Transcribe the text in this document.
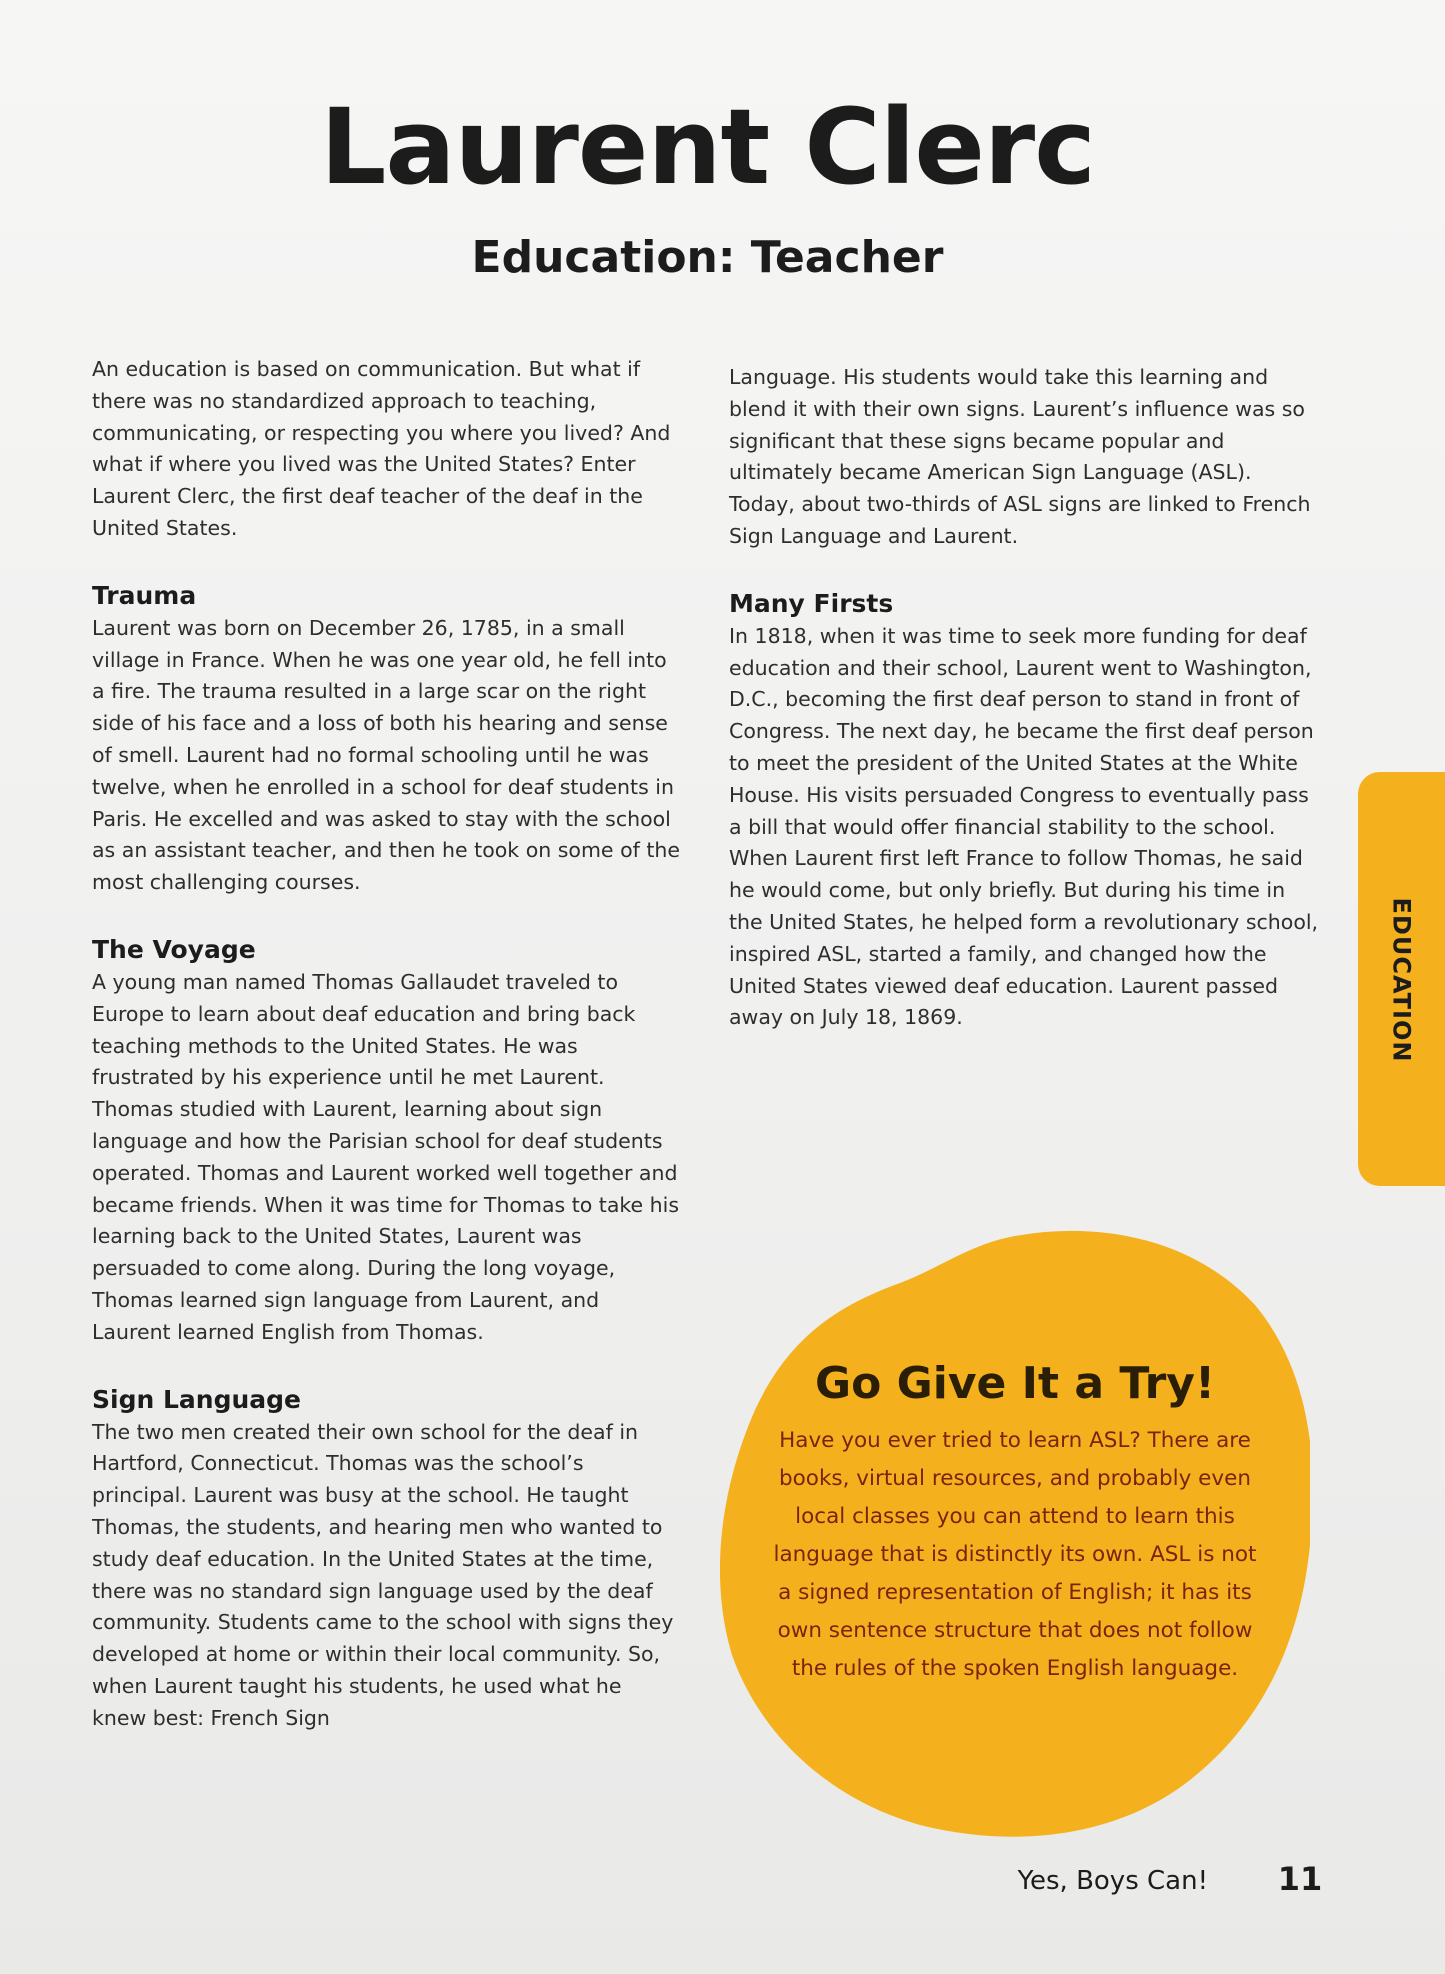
Laurent Clerc
Education: Teacher

An education is based on communication. But what if there was no standardized approach to teaching, communicating, or respecting you where you lived? And what if where you lived was the United States? Enter Laurent Clerc, the first deaf teacher of the deaf in the United States.

Trauma

Laurent was born on December 26, 1785, in a small village in France. When he was one year old, he fell into a fire. The trauma resulted in a large scar on the right side of his face and a loss of both his hearing and sense of smell. Laurent had no formal schooling until he was twelve, when he enrolled in a school for deaf students in Paris. He excelled and was asked to stay with the school as an assistant teacher, and then he took on some of the most challenging courses.

The Voyage

A young man named Thomas Gallaudet traveled to Europe to learn about deaf education and bring back teaching methods to the United States. He was frustrated by his experience until he met Laurent. Thomas studied with Laurent, learning about sign language and how the Parisian school for deaf students operated. Thomas and Laurent worked well together and became friends. When it was time for Thomas to take his learning back to the United States, Laurent was persuaded to come along. During the long voyage, Thomas learned sign language from Laurent, and Laurent learned English from Thomas.

Sign Language

The two men created their own school for the deaf in Hartford, Connecticut. Thomas was the school’s principal. Laurent was busy at the school. He taught Thomas, the students, and hearing men who wanted to study deaf education. In the United States at the time, there was no standard sign language used by the deaf community. Students came to the school with signs they developed at home or within their local community. So, when Laurent taught his students, he used what he knew best: French Sign

Language. His students would take this learning and blend it with their own signs. Laurent’s influence was so significant that these signs became popular and ultimately became American Sign Language (ASL). Today, about two-thirds of ASL signs are linked to French Sign Language and Laurent.

Many Firsts

In 1818, when it was time to seek more funding for deaf education and their school, Laurent went to Washington, D.C., becoming the first deaf person to stand in front of Congress. The next day, he became the first deaf person to meet the president of the United States at the White House. His visits persuaded Congress to eventually pass a bill that would offer financial stability to the school. When Laurent first left France to follow Thomas, he said he would come, but only briefly. But during his time in the United States, he helped form a revolutionary school, inspired ASL, started a family, and changed how the United States viewed deaf education. Laurent passed away on July 18, 1869.	EDUCATION
Go Give It a Try!
Have you ever tried to learn ASL? There are books, virtual resources, and probably even local classes you can attend to learn this language that is distinctly its own. ASL is not a signed representation of English; it has its own sentence structure that does not follow the rules of the spoken English language.
Yes, Boys Can! 11
